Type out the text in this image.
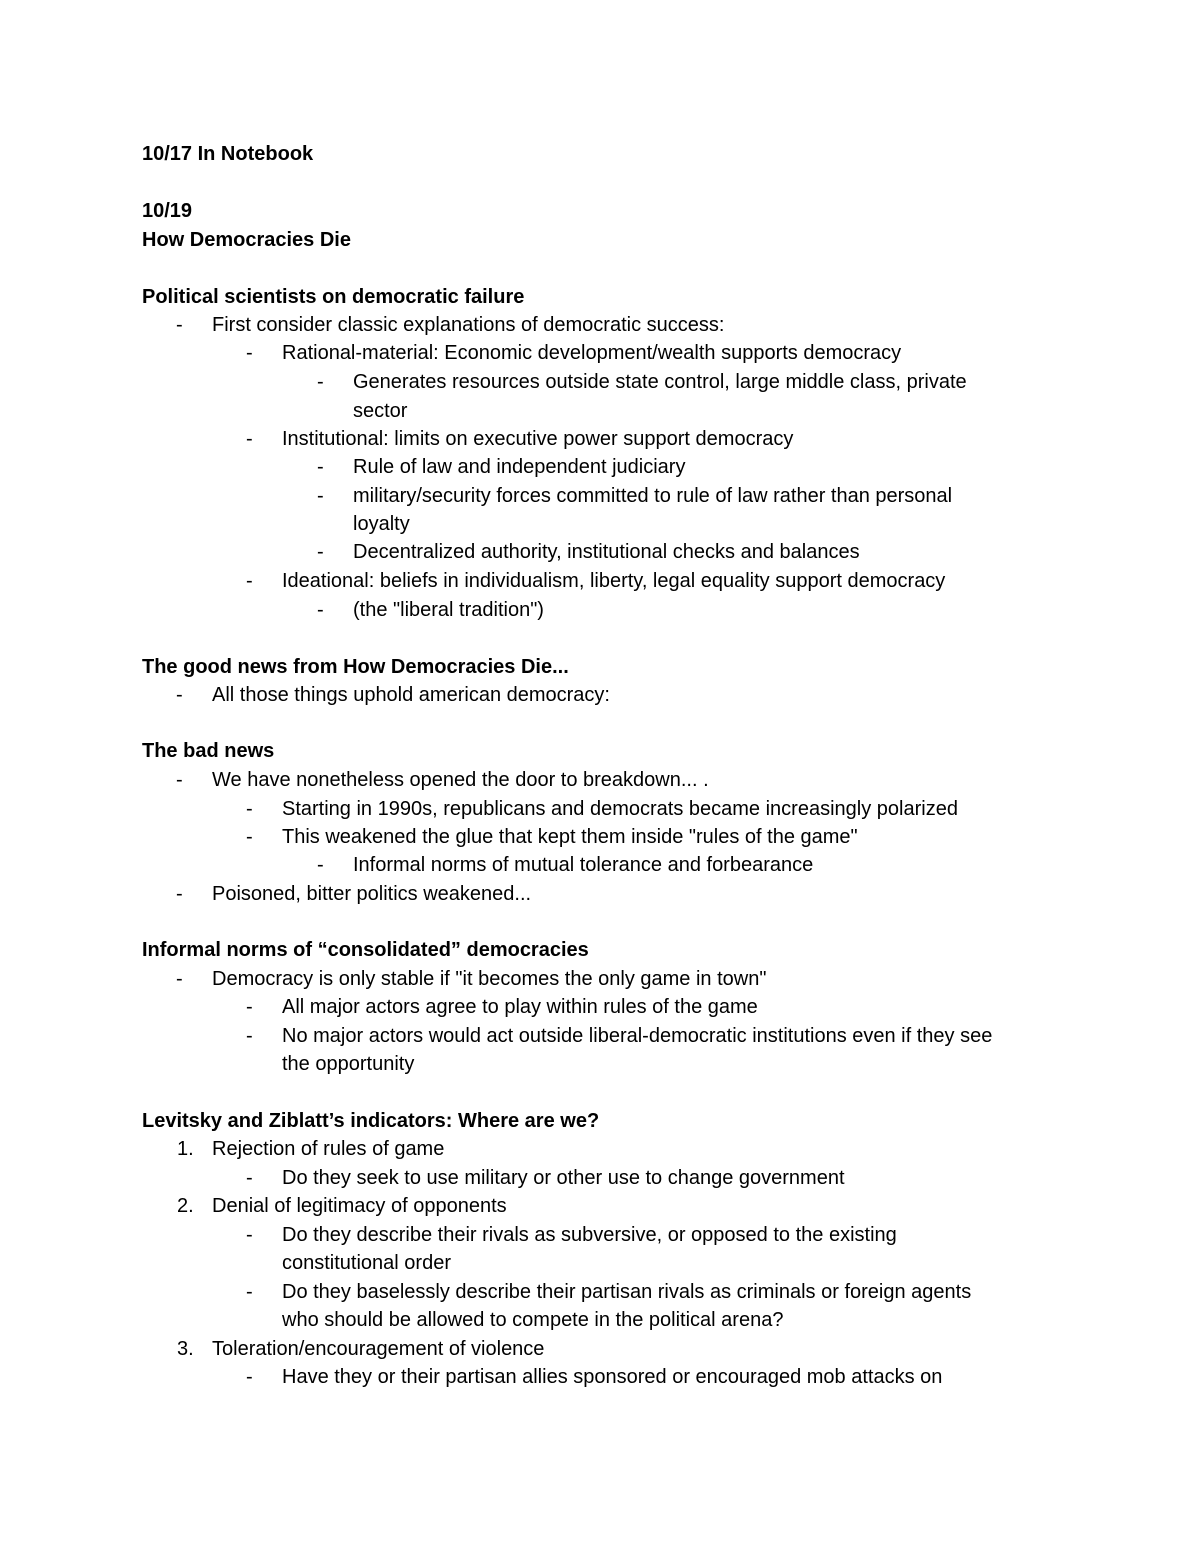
10/17 In Notebook
10/19
How Democracies Die
Political scientists on democratic failure
- First consider classic explanations of democratic success:
- Rational-material: Economic development/wealth supports democracy
- Generates resources outside state control, large middle class, private
sector
- Institutional: limits on executive power support democracy
- Rule of law and independent judiciary
- military/security forces committed to rule of law rather than personal
loyalty
- Decentralized authority, institutional checks and balances
- Ideational: beliefs in individualism, liberty, legal equality support democracy
- (the "liberal tradition")
The good news from How Democracies Die...
- All those things uphold american democracy:
The bad news
- We have nonetheless opened the door to breakdown... .
- Starting in 1990s, republicans and democrats became increasingly polarized
- This weakened the glue that kept them inside "rules of the game"
- Informal norms of mutual tolerance and forbearance
- Poisoned, bitter politics weakened...
Informal norms of “consolidated” democracies
- Democracy is only stable if "it becomes the only game in town"
- All major actors agree to play within rules of the game
- No major actors would act outside liberal-democratic institutions even if they see
the opportunity
Levitsky and Ziblatt’s indicators: Where are we?
1. Rejection of rules of game
- Do they seek to use military or other use to change government
2. Denial of legitimacy of opponents
- Do they describe their rivals as subversive, or opposed to the existing
constitutional order
- Do they baselessly describe their partisan rivals as criminals or foreign agents
who should be allowed to compete in the political arena?
3. Toleration/encouragement of violence
- Have they or their partisan allies sponsored or encouraged mob attacks on
